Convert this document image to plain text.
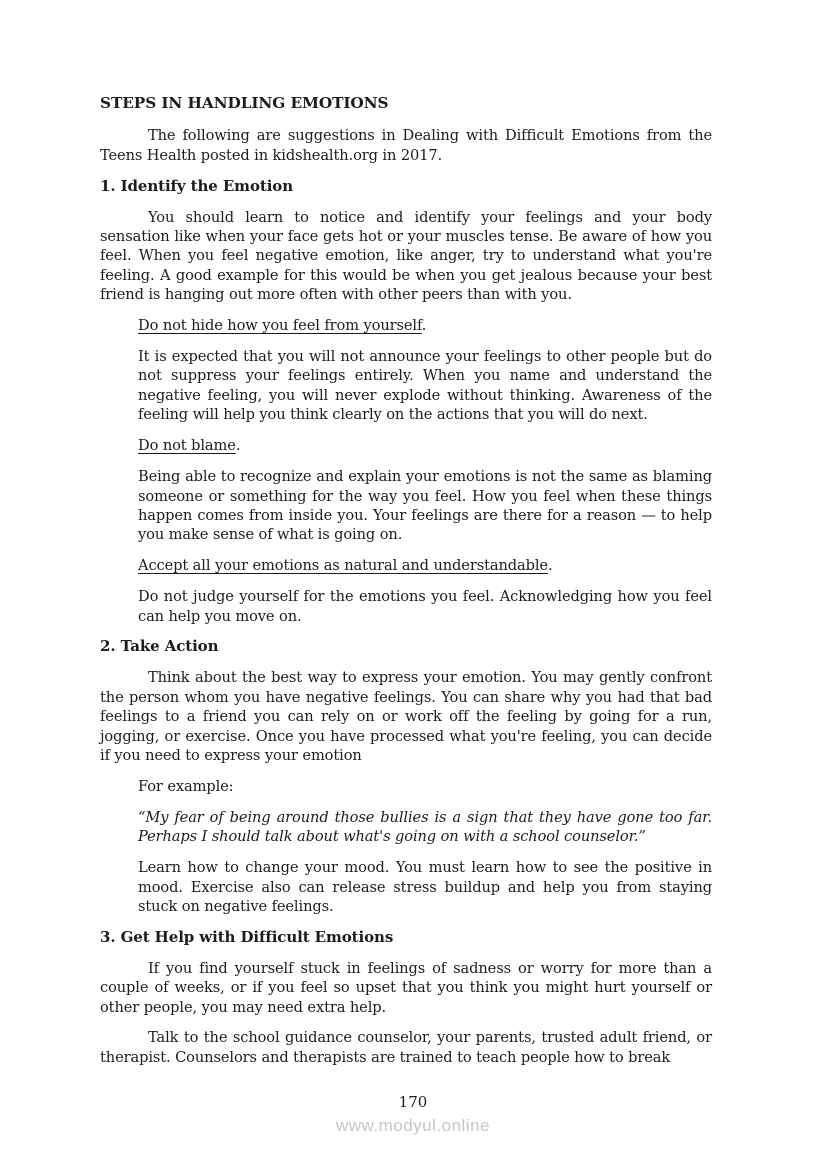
STEPS IN HANDLING EMOTIONS

The following are suggestions in Dealing with Difficult Emotions from the Teens Health posted in kidshealth.org in 2017.

1. Identify the Emotion

You should learn to notice and identify your feelings and your body sensation like when your face gets hot or your muscles tense. Be aware of how you feel. When you feel negative emotion, like anger, try to understand what you're feeling. A good example for this would be when you get jealous because your best friend is hanging out more often with other peers than with you.

Do not hide how you feel from yourself.

It is expected that you will not announce your feelings to other people but do not suppress your feelings entirely. When you name and understand the negative feeling, you will never explode without thinking. Awareness of the feeling will help you think clearly on the actions that you will do next.

Do not blame.

Being able to recognize and explain your emotions is not the same as blaming someone or something for the way you feel. How you feel when these things happen comes from inside you. Your feelings are there for a reason — to help you make sense of what is going on.

Accept all your emotions as natural and understandable.

Do not judge yourself for the emotions you feel. Acknowledging how you feel can help you move on.

2. Take Action

Think about the best way to express your emotion. You may gently confront the person whom you have negative feelings. You can share why you had that bad feelings to a friend you can rely on or work off the feeling by going for a run, jogging, or exercise. Once you have processed what you're feeling, you can decide if you need to express your emotion

For example:

“My fear of being around those bullies is a sign that they have gone too far. Perhaps I should talk about what's going on with a school counselor.”

Learn how to change your mood. You must learn how to see the positive in mood. Exercise also can release stress buildup and help you from staying stuck on negative feelings.

3. Get Help with Difficult Emotions

If you find yourself stuck in feelings of sadness or worry for more than a couple of weeks, or if you feel so upset that you think you might hurt yourself or other people, you may need extra help.

Talk to the school guidance counselor, your parents, trusted adult friend, or therapist. Counselors and therapists are trained to teach people how to break

170
www.modyul.online
